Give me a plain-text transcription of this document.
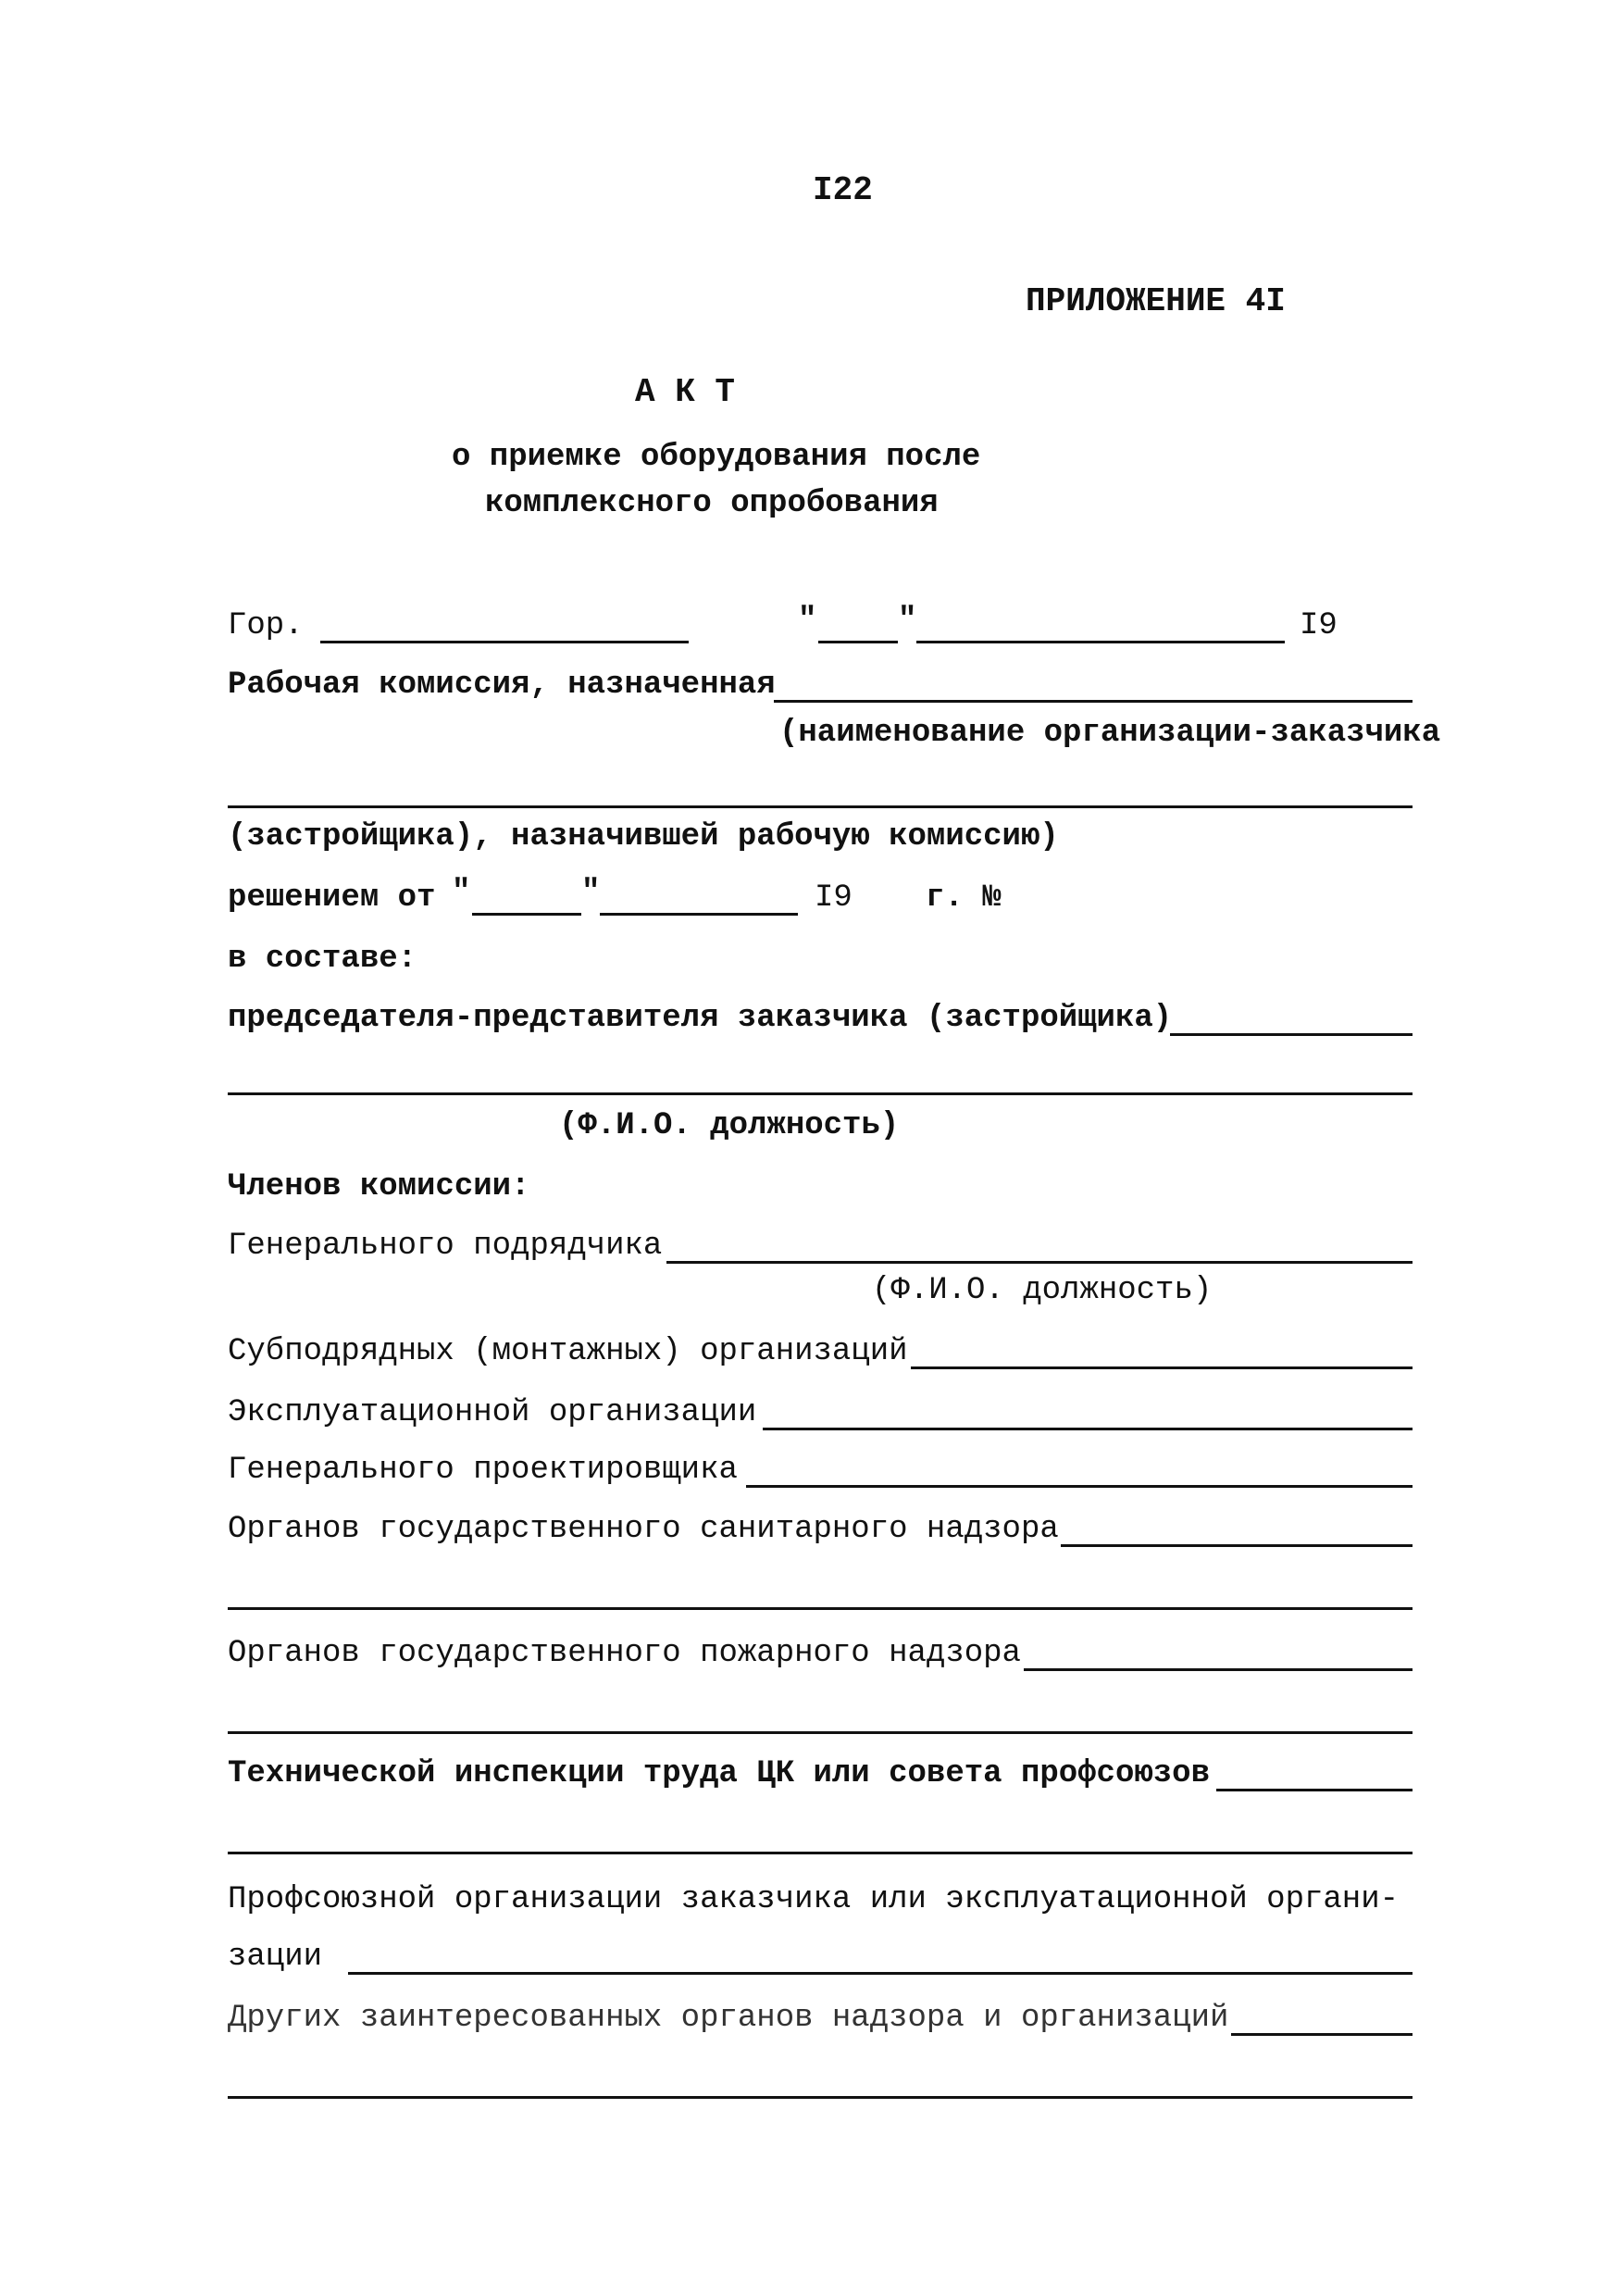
I22
ПРИЛОЖЕНИЕ 4I
А К Т
о приемке оборудования после
комплексного опробования
Гор.	"	"	I9
Рабочая комиссия, назначенная
(наименование организации-заказчика
(застройщика), назначившей рабочую комиссию)
решением от "	"	I9 г. №
в составе:
председателя-представителя заказчика (застройщика)
(Ф.И.О. должность)
Членов комиссии:
Генерального подрядчика
(Ф.И.О. должность)
Субподрядных (монтажных) организаций
Эксплуатационной организации
Генерального проектировщика
Органов государственного санитарного надзора
Органов государственного пожарного надзора
Технической инспекции труда ЦК или совета профсоюзов
Профсоюзной организации заказчика или эксплуатационной органи-
зации
Других заинтересованных органов надзора и организаций
